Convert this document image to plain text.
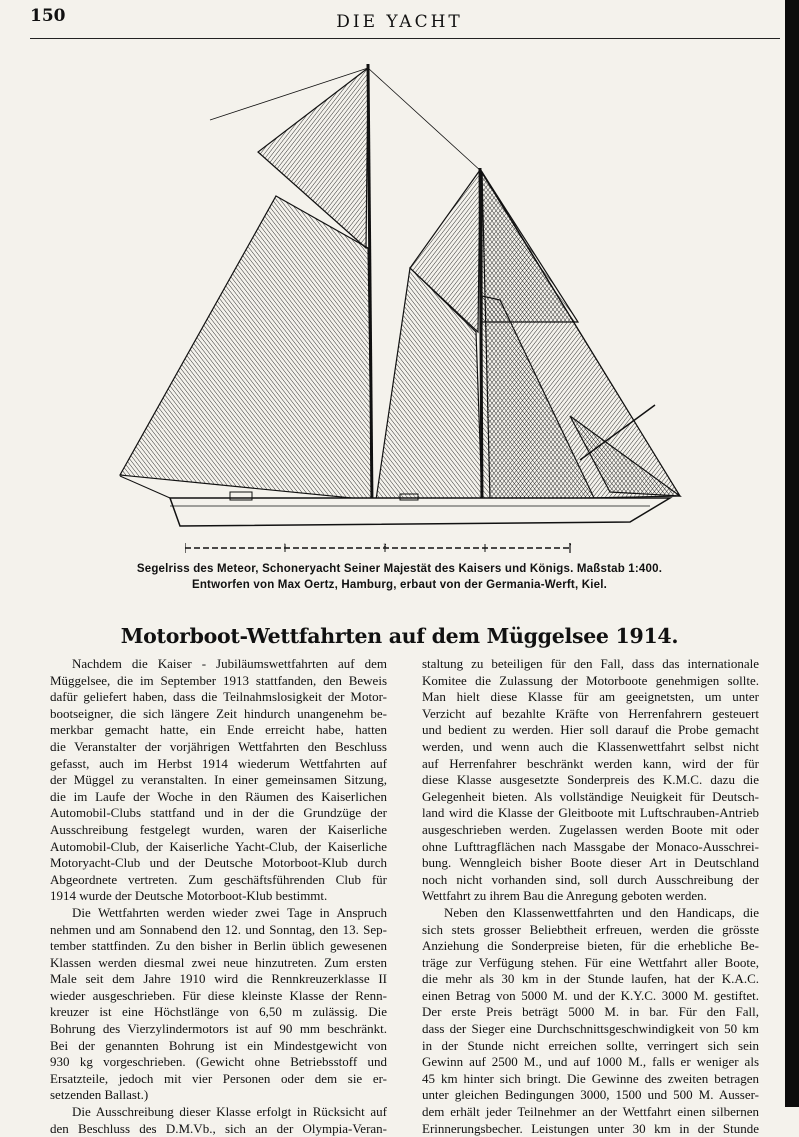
150	DIE YACHT
1	2	?
Segelriss des Meteor, Schoneryacht Seiner Majestät des Kaisers und Königs. Maßstab 1:400.
Entworfen von Max Oertz, Hamburg, erbaut von der Germania-Werft, Kiel.
Motorboot-Wettfahrten auf dem Müggelsee 1914.
Nachdem die Kaiser - Jubiläumswettfahrten auf dem
Müggelsee, die im September 1913 stattfanden, den Beweis
dafür geliefert haben, dass die Teilnahmslosigkeit der Motor-
bootseigner, die sich längere Zeit hindurch unangenehm be-
merkbar gemacht hatte, ein Ende erreicht habe, hatten
die Veranstalter der vorjährigen Wettfahrten den Beschluss
gefasst, auch im Herbst 1914 wiederum Wettfahrten auf
der Müggel zu veranstalten. In einer gemeinsamen Sitzung,
die im Laufe der Woche in den Räumen des Kaiserlichen
Automobil-Clubs stattfand und in der die Grundzüge der
Ausschreibung festgelegt wurden, waren der Kaiserliche
Automobil-Club, der Kaiserliche Yacht-Club, der Kaiserliche
Motoryacht-Club und der Deutsche Motorboot-Klub durch
Abgeordnete vertreten. Zum geschäftsführenden Club für
1914 wurde der Deutsche Motorboot-Klub bestimmt.
Die Wettfahrten werden wieder zwei Tage in Anspruch
nehmen und am Sonnabend den 12. und Sonntag, den 13. Sep-
tember stattfinden. Zu den bisher in Berlin üblich gewesenen
Klassen werden diesmal zwei neue hinzutreten. Zum ersten
Male seit dem Jahre 1910 wird die Rennkreuzerklasse II
wieder ausgeschrieben. Für diese kleinste Klasse der Renn-
kreuzer ist eine Höchstlänge von 6,50 m zulässig. Die
Bohrung des Vierzylindermotors ist auf 90 mm beschränkt.
Bei der genannten Bohrung ist ein Mindestgewicht von
930 kg vorgeschrieben. (Gewicht ohne Betriebsstoff und
Ersatzteile, jedoch mit vier Personen oder dem sie er-
setzenden Ballast.)
Die Ausschreibung dieser Klasse erfolgt in Rücksicht auf
den Beschluss des D.M.Vb., sich an der Olympia-Veran-
staltung zu beteiligen für den Fall, dass das internationale
Komitee die Zulassung der Motorboote genehmigen sollte.
Man hielt diese Klasse für am geeignetsten, um unter
Verzicht auf bezahlte Kräfte von Herrenfahrern gesteuert
und bedient zu werden. Hier soll darauf die Probe gemacht
werden, und wenn auch die Klassenwettfahrt selbst nicht
auf Herrenfahrer beschränkt werden kann, wird der für
diese Klasse ausgesetzte Sonderpreis des K.M.C. dazu die
Gelegenheit bieten. Als vollständige Neuigkeit für Deutsch-
land wird die Klasse der Gleitboote mit Luftschrauben-Antrieb
ausgeschrieben werden. Zugelassen werden Boote mit oder
ohne Lufttragflächen nach Massgabe der Monaco-Ausschrei-
bung. Wenngleich bisher Boote dieser Art in Deutschland
noch nicht vorhanden sind, soll durch Ausschreibung der
Wettfahrt zu ihrem Bau die Anregung geboten werden.
Neben den Klassenwettfahrten und den Handicaps, die
sich stets grosser Beliebtheit erfreuen, werden die grösste
Anziehung die Sonderpreise bieten, für die erhebliche Be-
träge zur Verfügung stehen. Für eine Wettfahrt aller Boote,
die mehr als 30 km in der Stunde laufen, hat der K.A.C.
einen Betrag von 5000 M. und der K.Y.C. 3000 M. gestiftet.
Der erste Preis beträgt 5000 M. in bar. Für den Fall,
dass der Sieger eine Durchschnittsgeschwindigkeit von 50 km
in der Stunde nicht erreichen sollte, verringert sich sein
Gewinn auf 2500 M., und auf 1000 M., falls er weniger als
45 km hinter sich bringt. Die Gewinne des zweiten betragen
unter gleichen Bedingungen 3000, 1500 und 500 M. Ausser-
dem erhält jeder Teilnehmer an der Wettfahrt einen silbernen
Erinnerungsbecher. Leistungen unter 30 km in der Stunde
